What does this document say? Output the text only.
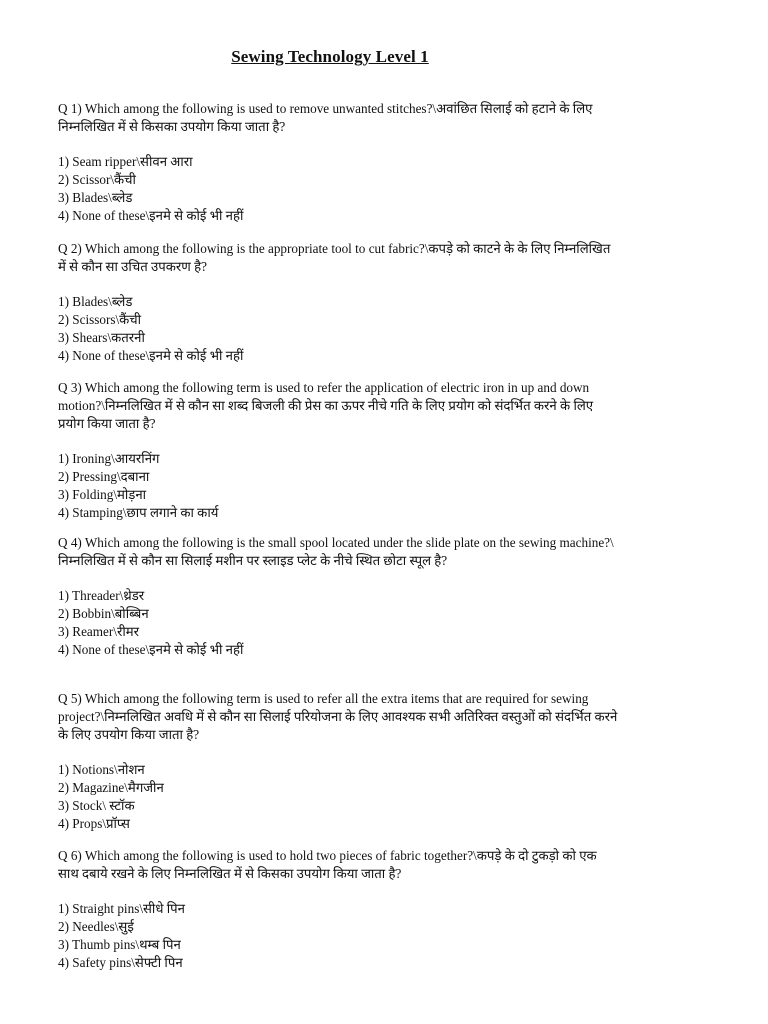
Sewing Technology Level 1

Q 1) Which among the following is used to remove unwanted stitches?\अवांछित सिलाई को हटाने के लिए निम्नलिखित में से किसका उपयोग किया जाता है?

1) Seam ripper\सीवन आरा
2) Scissor\कैंची
3) Blades\ब्लेड
4) None of these\इनमे से कोई भी नहीं

Q 2) Which among the following is the appropriate tool to cut fabric?\कपड़े को काटने के के लिए निम्नलिखित में से कौन सा उचित उपकरण है?

1) Blades\ब्लेड
2) Scissors\कैंची
3) Shears\कतरनी
4) None of these\इनमे से कोई भी नहीं

Q 3) Which among the following term is used to refer the application of electric iron in up and down motion?\निम्नलिखित में से कौन सा शब्द बिजली की प्रेस का ऊपर नीचे गति के लिए प्रयोग को संदर्भित करने के लिए प्रयोग किया जाता है?

1) Ironing\आयरनिंग
2) Pressing\दबाना
3) Folding\मोड़ना
4) Stamping\छाप लगाने का कार्य

Q 4) Which among the following is the small spool located under the slide plate on the sewing machine?\ निम्नलिखित में से कौन सा सिलाई मशीन पर स्लाइड प्लेट के नीचे स्थित छोटा स्पूल है?

1) Threader\थ्रेडर
2) Bobbin\बोब्बिन
3) Reamer\रीमर
4) None of these\इनमे से कोई भी नहीं

Q 5) Which among the following term is used to refer all the extra items that are required for sewing project?\निम्नलिखित अवधि में से कौन सा सिलाई परियोजना के लिए आवश्यक सभी अतिरिक्त वस्तुओं को संदर्भित करने के लिए उपयोग किया जाता है?

1) Notions\नोशन
2) Magazine\मैगजीन
3) Stock\ स्टॉक
4) Props\प्रॉप्स

Q 6) Which among the following is used to hold two pieces of fabric together?\कपड़े के दो टुकड़ो को एक साथ दबाये रखने के लिए निम्नलिखित में से किसका उपयोग किया जाता है?

1) Straight pins\सीधे पिन
2) Needles\सुई
3) Thumb pins\थम्ब पिन
4) Safety pins\सेफ्टी पिन
